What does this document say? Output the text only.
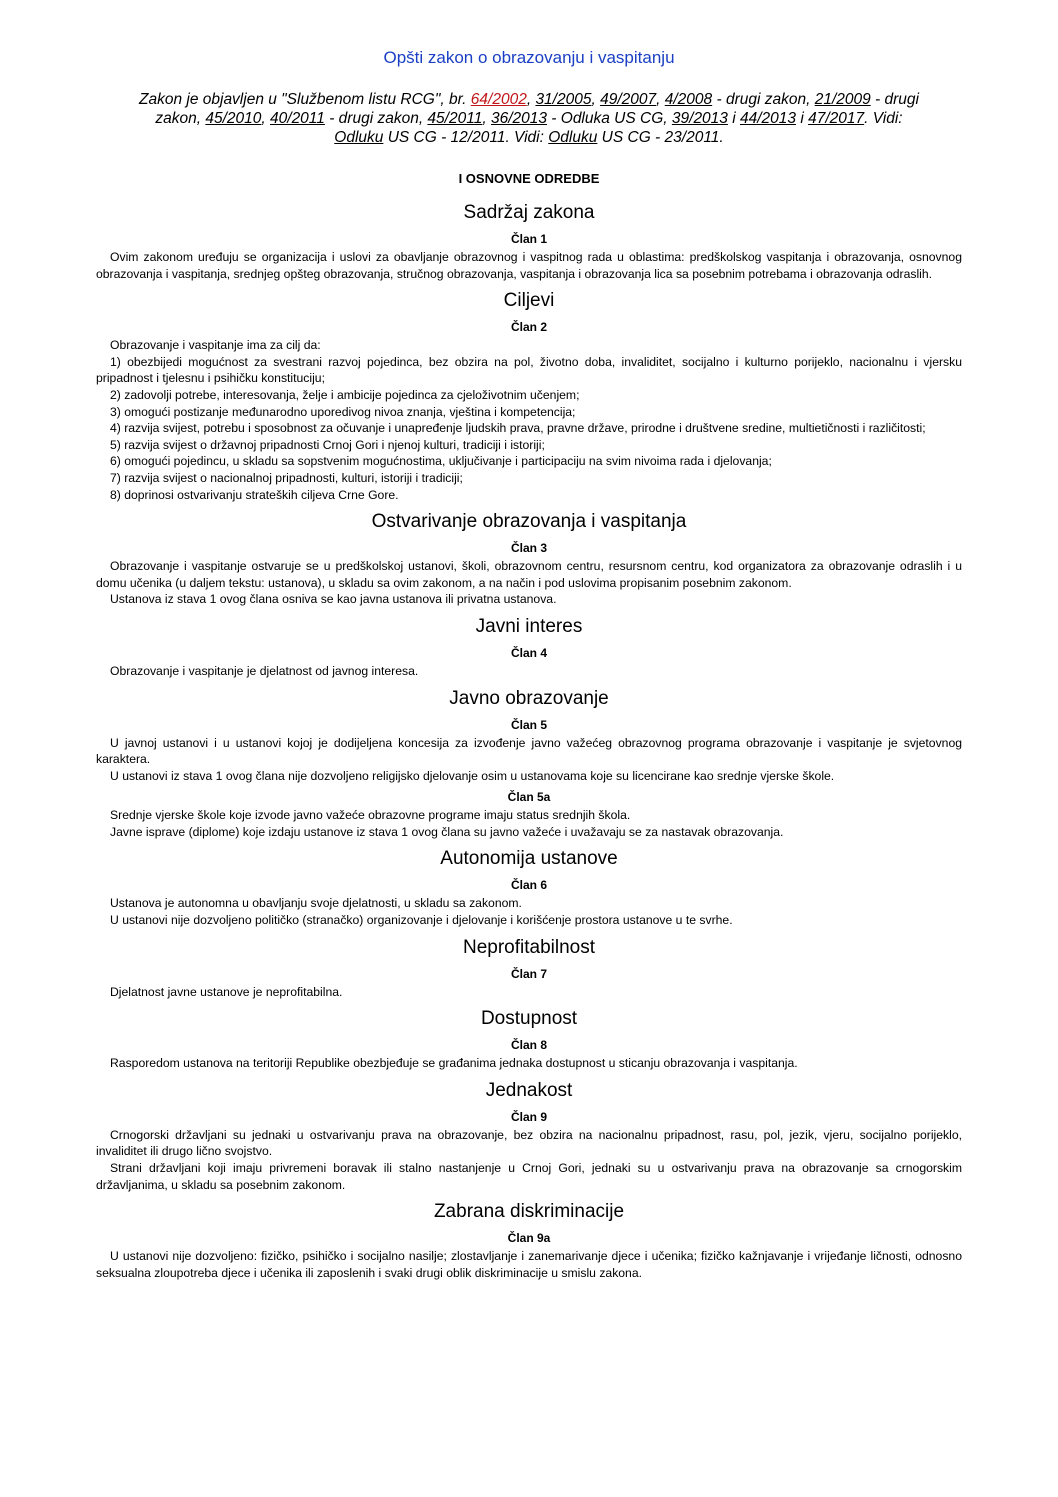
Opšti zakon o obrazovanju i vaspitanju
Zakon je objavljen u "Službenom listu RCG", br. 64/2002, 31/2005, 49/2007, 4/2008 - drugi zakon, 21/2009 - drugi zakon, 45/2010, 40/2011 - drugi zakon, 45/2011, 36/2013 - Odluka US CG, 39/2013 i 44/2013 i 47/2017. Vidi: Odluku US CG - 12/2011. Vidi: Odluku US CG - 23/2011.
I OSNOVNE ODREDBE
Sadržaj zakona
Član 1

Ovim zakonom uređuju se organizacija i uslovi za obavljanje obrazovnog i vaspitnog rada u oblastima: predškolskog vaspitanja i obrazovanja, osnovnog obrazovanja i vaspitanja, srednjeg opšteg obrazovanja, stručnog obrazovanja, vaspitanja i obrazovanja lica sa posebnim potrebama i obrazovanja odraslih.

Ciljevi
Član 2

Obrazovanje i vaspitanje ima za cilj da:

1) obezbijedi mogućnost za svestrani razvoj pojedinca, bez obzira na pol, životno doba, invaliditet, socijalno i kulturno porijeklo, nacionalnu i vjersku pripadnost i tjelesnu i psihičku konstituciju;

2) zadovolji potrebe, interesovanja, želje i ambicije pojedinca za cjeloživotnim učenjem;

3) omogući postizanje međunarodno uporedivog nivoa znanja, vještina i kompetencija;

4) razvija svijest, potrebu i sposobnost za očuvanje i unapređenje ljudskih prava, pravne države, prirodne i društvene sredine, multietičnosti i različitosti;

5) razvija svijest o državnoj pripadnosti Crnoj Gori i njenoj kulturi, tradiciji i istoriji;

6) omogući pojedincu, u skladu sa sopstvenim mogućnostima, uključivanje i participaciju na svim nivoima rada i djelovanja;

7) razvija svijest o nacionalnoj pripadnosti, kulturi, istoriji i tradiciji;

8) doprinosi ostvarivanju strateških ciljeva Crne Gore.

Ostvarivanje obrazovanja i vaspitanja
Član 3

Obrazovanje i vaspitanje ostvaruje se u predškolskoj ustanovi, školi, obrazovnom centru, resursnom centru, kod organizatora za obrazovanje odraslih i u domu učenika (u daljem tekstu: ustanova), u skladu sa ovim zakonom, a na način i pod uslovima propisanim posebnim zakonom.

Ustanova iz stava 1 ovog člana osniva se kao javna ustanova ili privatna ustanova.

Javni interes
Član 4

Obrazovanje i vaspitanje je djelatnost od javnog interesa.

Javno obrazovanje
Član 5

U javnoj ustanovi i u ustanovi kojoj je dodijeljena koncesija za izvođenje javno važećeg obrazovnog programa obrazovanje i vaspitanje je svjetovnog karaktera.

U ustanovi iz stava 1 ovog člana nije dozvoljeno religijsko djelovanje osim u ustanovama koje su licencirane kao srednje vjerske škole.

Član 5a

Srednje vjerske škole koje izvode javno važeće obrazovne programe imaju status srednjih škola.

Javne isprave (diplome) koje izdaju ustanove iz stava 1 ovog člana su javno važeće i uvažavaju se za nastavak obrazovanja.

Autonomija ustanove
Član 6

Ustanova je autonomna u obavljanju svoje djelatnosti, u skladu sa zakonom.

U ustanovi nije dozvoljeno političko (stranačko) organizovanje i djelovanje i korišćenje prostora ustanove u te svrhe.

Neprofitabilnost
Član 7

Djelatnost javne ustanove je neprofitabilna.

Dostupnost
Član 8

Rasporedom ustanova na teritoriji Republike obezbjeđuje se građanima jednaka dostupnost u sticanju obrazovanja i vaspitanja.

Jednakost
Član 9

Crnogorski državljani su jednaki u ostvarivanju prava na obrazovanje, bez obzira na nacionalnu pripadnost, rasu, pol, jezik, vjeru, socijalno porijeklo, invaliditet ili drugo lično svojstvo.

Strani državljani koji imaju privremeni boravak ili stalno nastanjenje u Crnoj Gori, jednaki su u ostvarivanju prava na obrazovanje sa crnogorskim državljanima, u skladu sa posebnim zakonom.

Zabrana diskriminacije
Član 9a

U ustanovi nije dozvoljeno: fizičko, psihičko i socijalno nasilje; zlostavljanje i zanemarivanje djece i učenika; fizičko kažnjavanje i vrijeđanje ličnosti, odnosno seksualna zloupotreba djece i učenika ili zaposlenih i svaki drugi oblik diskriminacije u smislu zakona.
